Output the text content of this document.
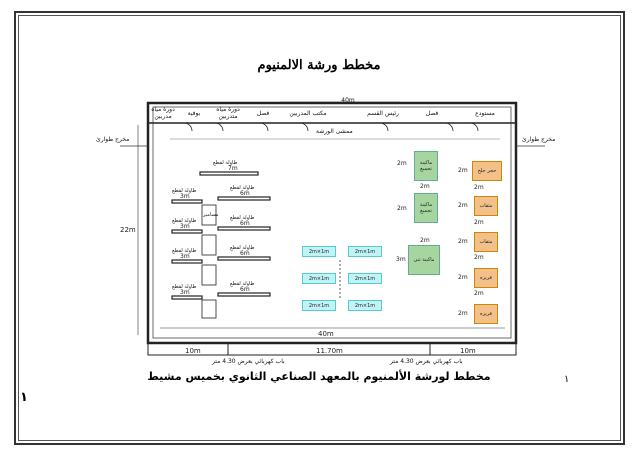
مخطط ورشة الالمنيوم
دورة مياه مدربين	بوفية	دورة مياه متدربين	فصل	مكتب المدربين
40m
رئيس القسم	فصل	مستودع
ممشى الورشة
مخرج طوارئ	مخرج طوارئ
22m
40m
10m	11.70m	10m
باب كهربائي بعرض 4.30 متر	باب كهربائي بعرض 4.30 متر
طاولة لقطع
7m
طاولة لقطع
6m
طاولة لقطع
3m
طاولة لقطع
6m
طاولة لقطع
3m
طاولة لقطع
6m
طاولة لقطع
3m
طاولة لقطع
6m
طاولة لقطع
3m
مسامير
2m×1m	2m×1m
2m×1m	2m×1m
2m×1m	2m×1m
ماكينة تجميع
2m
2m
ماكينة تجميع
2m
2m
ماكينة ثنى
3m
حجر جلخ
2m
2m
مثقاب
2m
2m
مثقاب
2m
2m
فريزه
2m
2m
فريزه
2m
مخطط لورشة الألمنيوم بالمعهد الصناعي الثانوي بخميس مشيط	١
١
